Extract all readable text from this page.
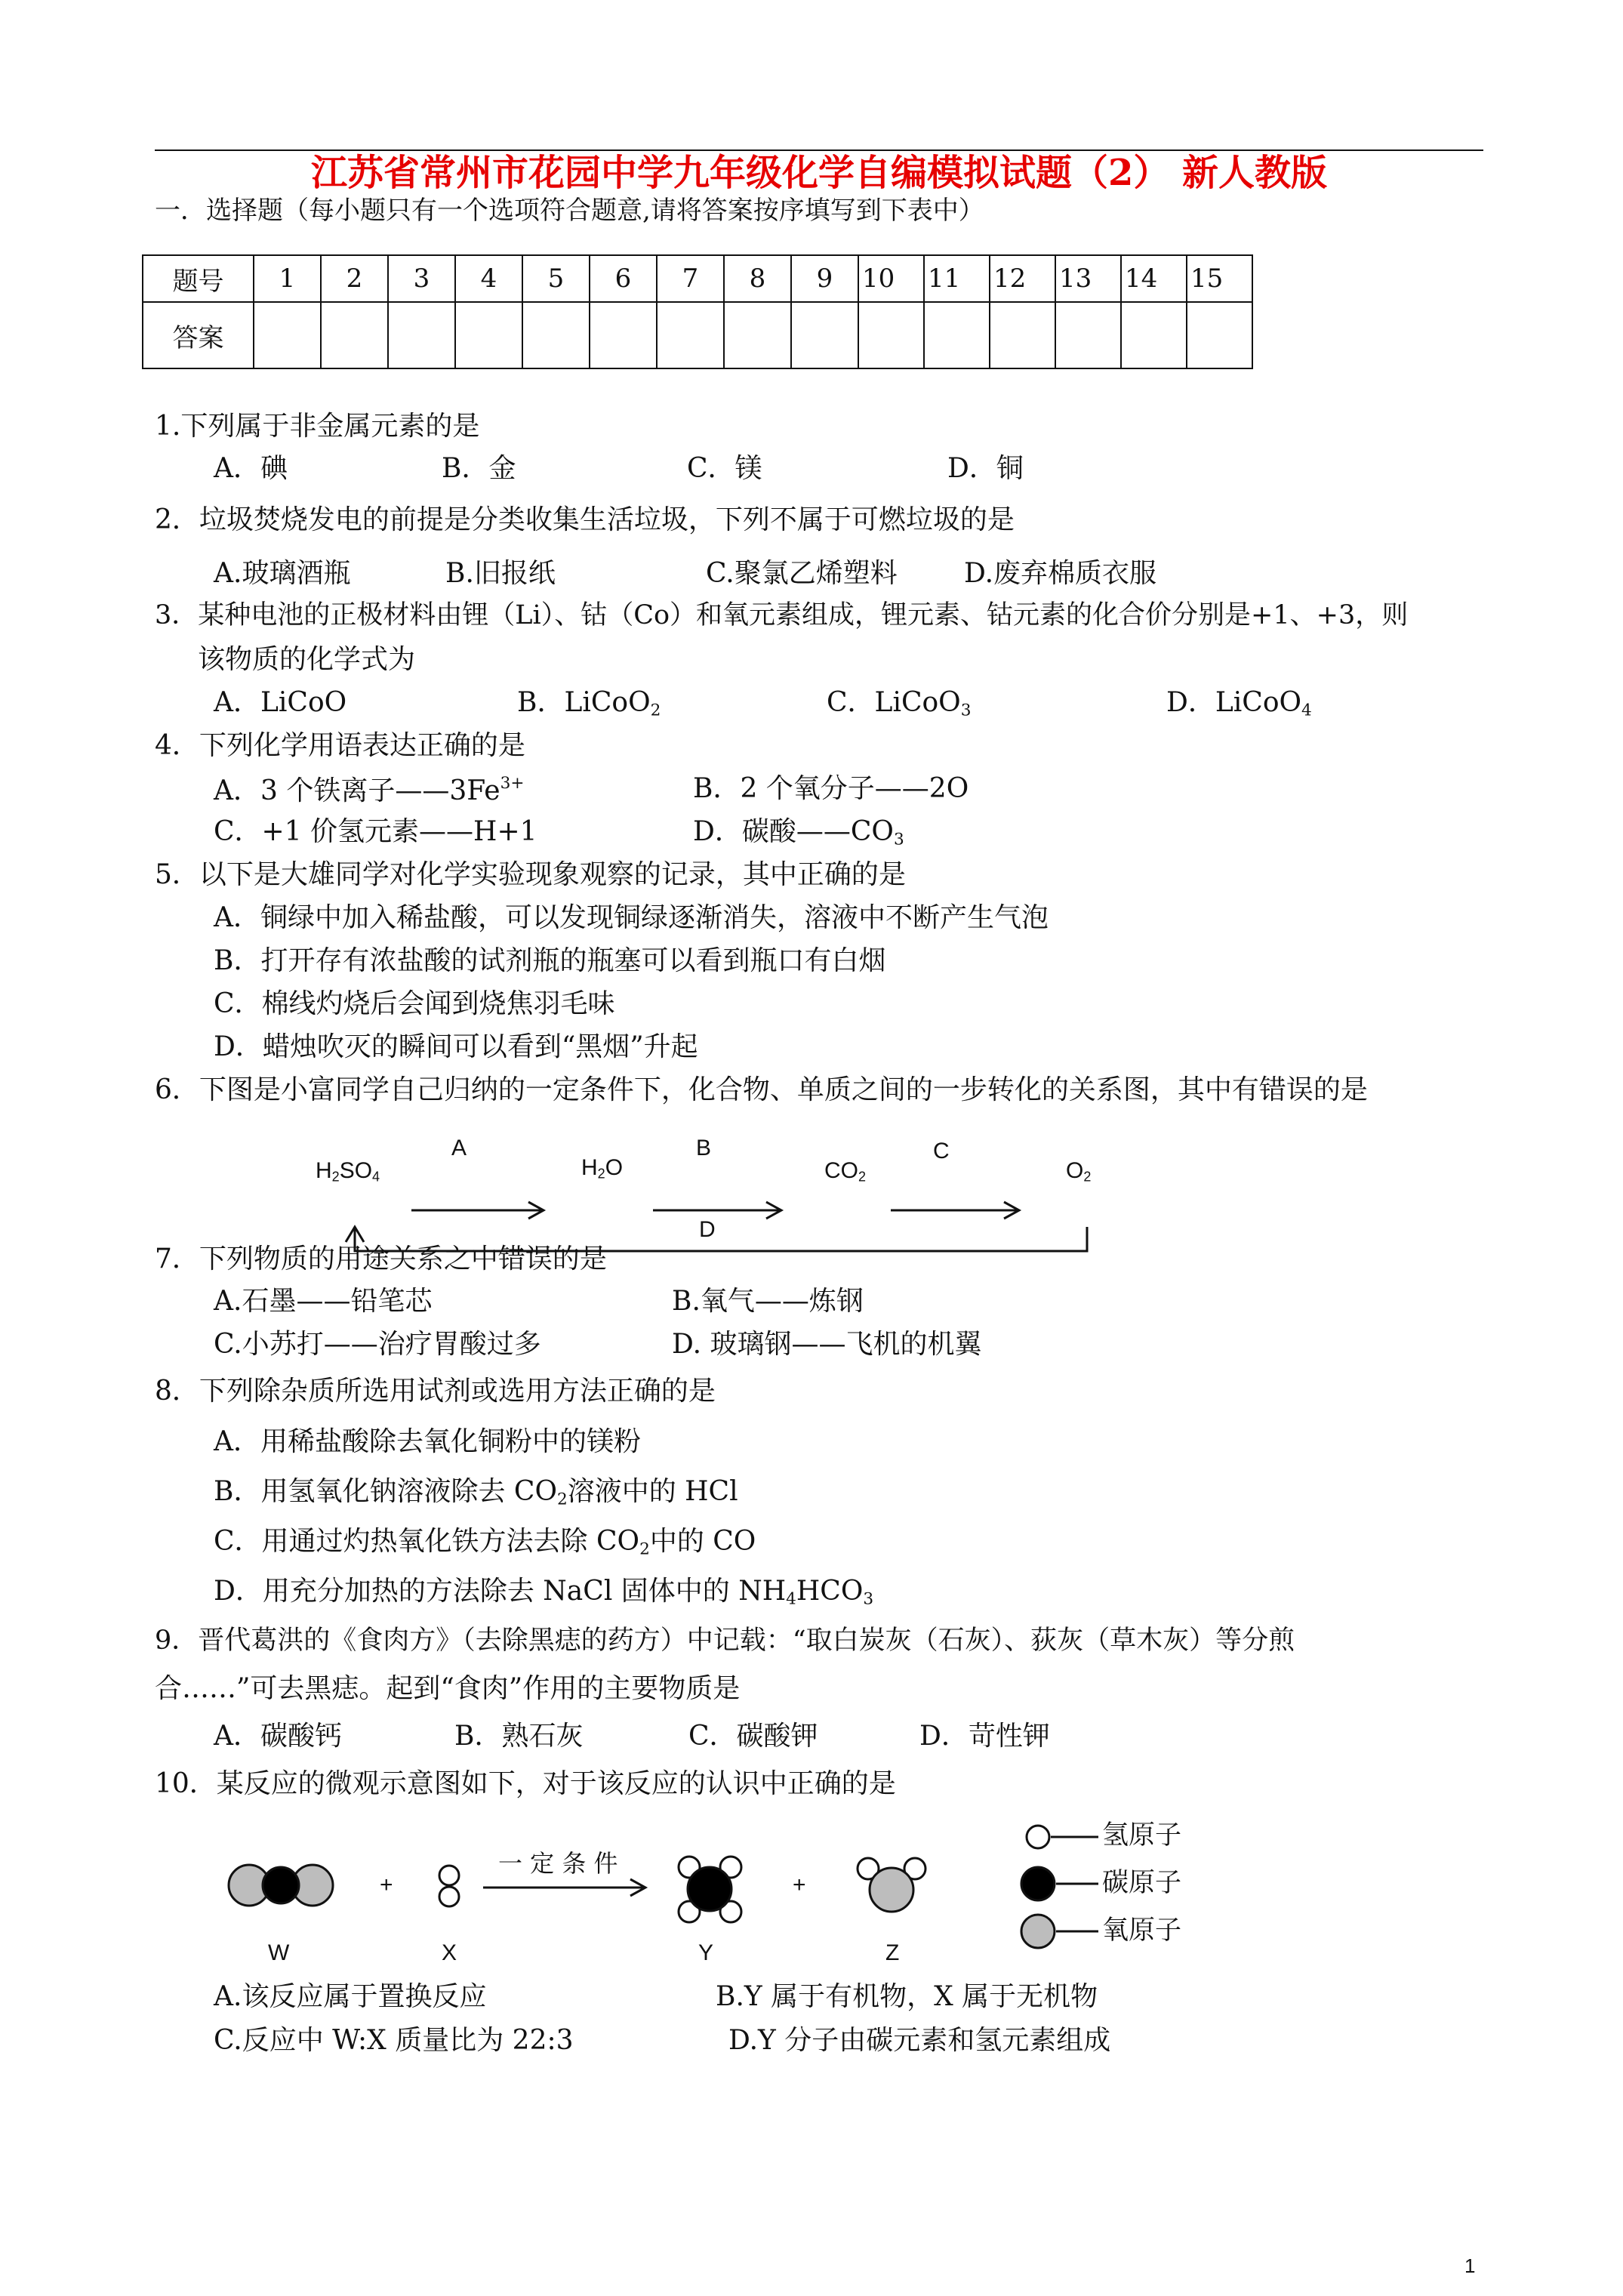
江苏省常州市花园中学九年级化学自编模拟试题（2） 新人教版
一．选择题（每小题只有一个选项符合题意,请将答案按序填写到下表中）
题号	1	2	3	4	5	6	7	8	9	10	11	12	13	14	15
答案															
1.下列属于非金属元素的是
A．碘	B．金	C．镁	D．铜
2．垃圾焚烧发电的前提是分类收集生活垃圾，下列不属于可燃垃圾的是
A.玻璃酒瓶	B.旧报纸	C.聚氯乙烯塑料 D.废弃棉质衣服
3．某种电池的正极材料由锂（Li）、钴（Co）和氧元素组成，锂元素、钴元素的化合价分别是+1、+3，则
该物质的化学式为
A．LiCoO	B．LiCoO$_2$	C．LiCoO$_3$	D．LiCoO$_4$
4．下列化学用语表达正确的是
A．3 个铁离子$——3Fe^{3+}$	B．2 个氧分子——2O
C．+1 价氢元素——H+1	D．碳酸$——CO_3$
5．以下是大雄同学对化学实验现象观察的记录，其中正确的是
A．铜绿中加入稀盐酸，可以发现铜绿逐渐消失，溶液中不断产生气泡
B．打开存有浓盐酸的试剂瓶的瓶塞可以看到瓶口有白烟
C．棉线灼烧后会闻到烧焦羽毛味
D．蜡烛吹灭的瞬间可以看到“黑烟”升起
6．下图是小富同学自己归纳的一定条件下，化合物、单质之间的一步转化的关系图，其中有错误的是
$H_2SO_4$	$H_2O$	$CO_2$	$O_2$
A	B	C
D
7．下列物质的用途关系之中错误的是
A.石墨——铅笔芯	B.氧气——炼钢
C.小苏打——治疗胃酸过多	D. 玻璃钢——飞机的机翼
8．下列除杂质所选用试剂或选用方法正确的是
A．用稀盐酸除去氧化铜粉中的镁粉
B．用氢氧化钠溶液除去 $CO_2$溶液中的 HCl
C．用通过灼热氧化铁方法去除 $CO_2$中的 CO
D．用充分加热的方法除去 NaCl 固体中的 $NH_4HCO_3$
9．晋代葛洪的《食肉方》（去除黑痣的药方）中记载：“取白炭灰（石灰）、荻灰（草木灰）等分煎
合……”可去黑痣。起到“食肉”作用的主要物质是
A．碳酸钙	B．熟石灰	C．碳酸钾	D．苛性钾
10．某反应的微观示意图如下，对于该反应的认识中正确的是
一 定 条 件
+	+
W	X	Y	Z
氢原子
碳原子
氧原子
A.该反应属于置换反应	B.Y 属于有机物，X 属于无机物
C.反应中 W:X 质量比为 22:3	D.Y 分子由碳元素和氢元素组成
1
